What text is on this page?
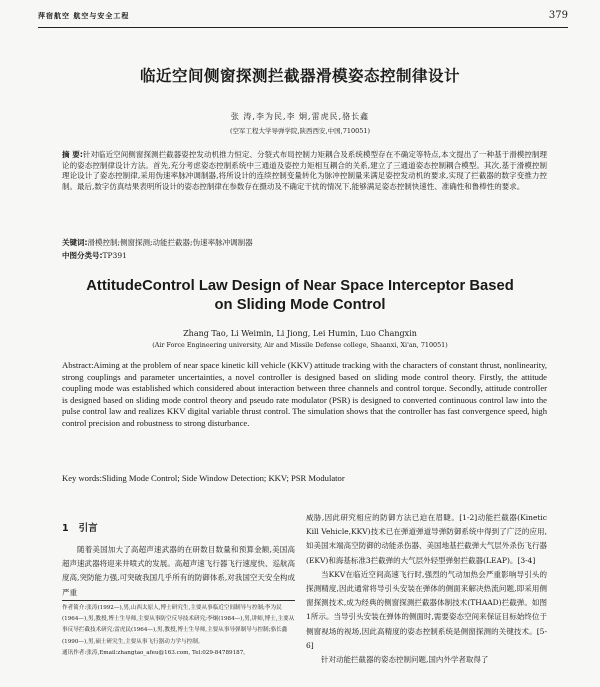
萍宿航空 航空与安全工程	379
临近空间侧窗探测拦截器滑模姿态控制律设计
张 涛,李为民,李 炯,雷虎民,骆长鑫
(空军工程大学导弹学院,陕西西安,中国,710051)
摘 要:针对临近空间侧窗探测拦截器姿控发动机推力恒定、分裂式布局控制力矩耦合及系统模型存在不确定等特点,本文提出了一种基于滑模控制理论的姿态控制律设计方法。首先,充分考虑姿态控制系统中三通道及姿控力矩相互耦合的关系,建立了三通道姿态控制耦合模型。其次,基于滑模控制理论设计了姿态控制律,采用伪速率脉冲调制器,将所设计的连续控制变量转化为脉冲控制量来满足姿控发动机的要求,实现了拦截器的数字变推力控制。最后,数字仿真结果表明所设计的姿态控制律在参数存在摄动及不确定干扰的情况下,能够满足姿态控制快速性、准确性和鲁棒性的要求。
关键词:滑模控制;侧窗探测;动能拦截器;伪速率脉冲调制器
中图分类号:TP391
AttitudeControl Law Design of Near Space Interceptor Based
on Sliding Mode Control
Zhang Tao, Li Weimin, Li Jiong, Lei Humin, Luo Changxin
(Air Force Engineering university, Air and Missile Defense college, Shaanxi, Xi'an, 710051)
Abstract:Aiming at the problem of near space kinetic kill vehicle (KKV) attitude tracking with the characters of constant thrust, nonlinearity, strong couplings and parameter uncertainties, a novel controller is designed based on sliding mode control theory. Firstly, the attitude coupling mode was established which considered about interaction between three channels and control torque. Secondly, attitude controller is designed based on sliding mode control theory and pseudo rate modulator (PSR) is designed to converted continuous control law into the pulse control law and realizes KKV digital variable thrust control. The simulation shows that the controller has fast convergence speed, high control precision and robustness to strong disturbance.
Key words:Sliding Mode Control; Side Window Detection; KKV; PSR Modulator
1 引言
随着美国加大了高超声速武器的在研数目数量和预算金额,美国高超声速武器将迎来井喷式的发展。高超声速飞行器飞行速度快、巡航高度高,突防能力强,可突破我国几乎所有的防御体系,对我国空天安全构成严重
作者简介:张涛(1992—),男,山西太原人,博士研究生,主要从事临近空间制导与控制;李为民(1964—),男,教授,博士生导师,主要从事防空反导技术研究;李炯(1984—),男,讲师,博士,主要从事反导拦截技术研究;雷虎民(1964—),男,教授,博士生导师,主要从事导弹制导与控制;骆长鑫(1990—),男,硕士研究生,主要从事飞行器动力学与控制。
通讯作者:张涛,Email:zhangtao_afeu@163.com, Tel:029-84789187。
威胁,因此研究相应的防御方法已迫在眉睫。[1-2]动能拦截器(Kinetic Kill Vehicle,KKV)技术已在弹道弹道导弹防御系统中得到了广泛的应用,如美国末端高空防御的动能杀伤器、美国地基拦截弹大气层外杀伤飞行器(EKV)和海基标准3拦截弹的大气层外轻型弹射拦截器(LEAP)。[3-4]
当KKV在临近空间高速飞行时,强烈的气动加热会严重影响导引头的探测精度,因此通常将导引头安装在弹体的侧面来解决热流问题,即采用侧窗探测技术,成为经典的侧窗探测拦截器体制技术(THAAD)拦截弹。如图1所示。当导引头安装在弹体的侧面时,需要姿态空间来保证目标始终位于侧窗视场的视场,因此高精度的姿态控制系统是侧窗探测的关键技术。[5-6]
针对动能拦截器的姿态控制问题,国内外学者取得了
